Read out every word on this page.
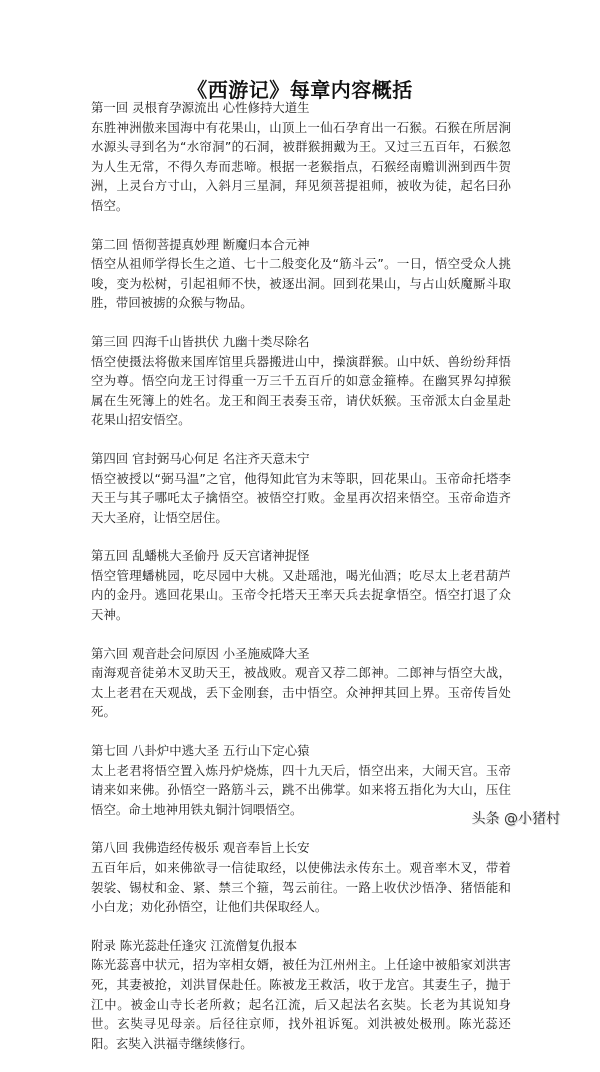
《西游记》每章内容概括
第一回 灵根育孕源流出 心性修持大道生
东胜神洲傲来国海中有花果山，山顶上一仙石孕育出一石猴。石猴在所居涧水源头寻到名为“水帘洞”的石洞，被群猴拥戴为王。又过三五百年，石猴忽为人生无常，不得久寿而悲啼。根据一老猴指点，石猴经南赡训洲到西牛贺洲，上灵台方寸山，入斜月三星洞，拜见须菩提祖师，被收为徒，起名曰孙悟空。
第二回 悟彻菩提真妙理 断魔归本合元神
悟空从祖师学得长生之道、七十二般变化及“筋斗云”。一日，悟空受众人挑唆，变为松树，引起祖师不快，被逐出洞。回到花果山，与占山妖魔厮斗取胜，带回被掳的众猴与物品。
第三回 四海千山皆拱伏 九幽十类尽除名
悟空使摄法将傲来国库馆里兵器搬进山中，操演群猴。山中妖、兽纷纷拜悟空为尊。悟空向龙王讨得重一万三千五百斤的如意金箍棒。在幽冥界勾掉猴属在生死簿上的姓名。龙王和阎王表奏玉帝，请伏妖猴。玉帝派太白金星赴花果山招安悟空。
第四回 官封弼马心何足 名注齐天意未宁
悟空被授以“弼马温”之官，他得知此官为末等职，回花果山。玉帝命托塔李天王与其子哪吒太子擒悟空。被悟空打败。金星再次招来悟空。玉帝命造齐天大圣府，让悟空居住。
第五回 乱蟠桃大圣偷丹 反天宫诸神捉怪
悟空管理蟠桃园，吃尽园中大桃。又赴瑶池，喝光仙酒；吃尽太上老君葫芦内的金丹。逃回花果山。玉帝令托塔天王率天兵去捉拿悟空。悟空打退了众天神。
第六回 观音赴会问原因 小圣施威降大圣
南海观音徒弟木叉助天王，被战败。观音又荐二郎神。二郎神与悟空大战，太上老君在天观战，丢下金刚套，击中悟空。众神押其回上界。玉帝传旨处死。
第七回 八卦炉中逃大圣 五行山下定心猿
太上老君将悟空置入炼丹炉烧炼，四十九天后，悟空出来，大闹天宫。玉帝请来如来佛。孙悟空一路筋斗云，跳不出佛掌。如来将五指化为大山，压住悟空。命土地神用铁丸铜汁饲喂悟空。
第八回 我佛造经传极乐 观音奉旨上长安
五百年后，如来佛欲寻一信徒取经，以使佛法永传东土。观音率木叉，带着袈裟、锡杖和金、紧、禁三个箍，驾云前往。一路上收伏沙悟净、猪悟能和小白龙；劝化孙悟空，让他们共保取经人。
附录 陈光蕊赴任逢灾 江流僧复仇报本
陈光蕊喜中状元，招为宰相女婿，被任为江州州主。上任途中被船家刘洪害死，其妻被抢，刘洪冒保赴任。陈被龙王救活，收于龙宫。其妻生子，抛于江中。被金山寺长老所救；起名江流，后又起法名玄奘。长老为其说知身世。玄奘寻见母亲。后径往京师，找外祖诉冤。刘洪被处极刑。陈光蕊还阳。玄奘入洪福寺继续修行。
头条 @小猪村
